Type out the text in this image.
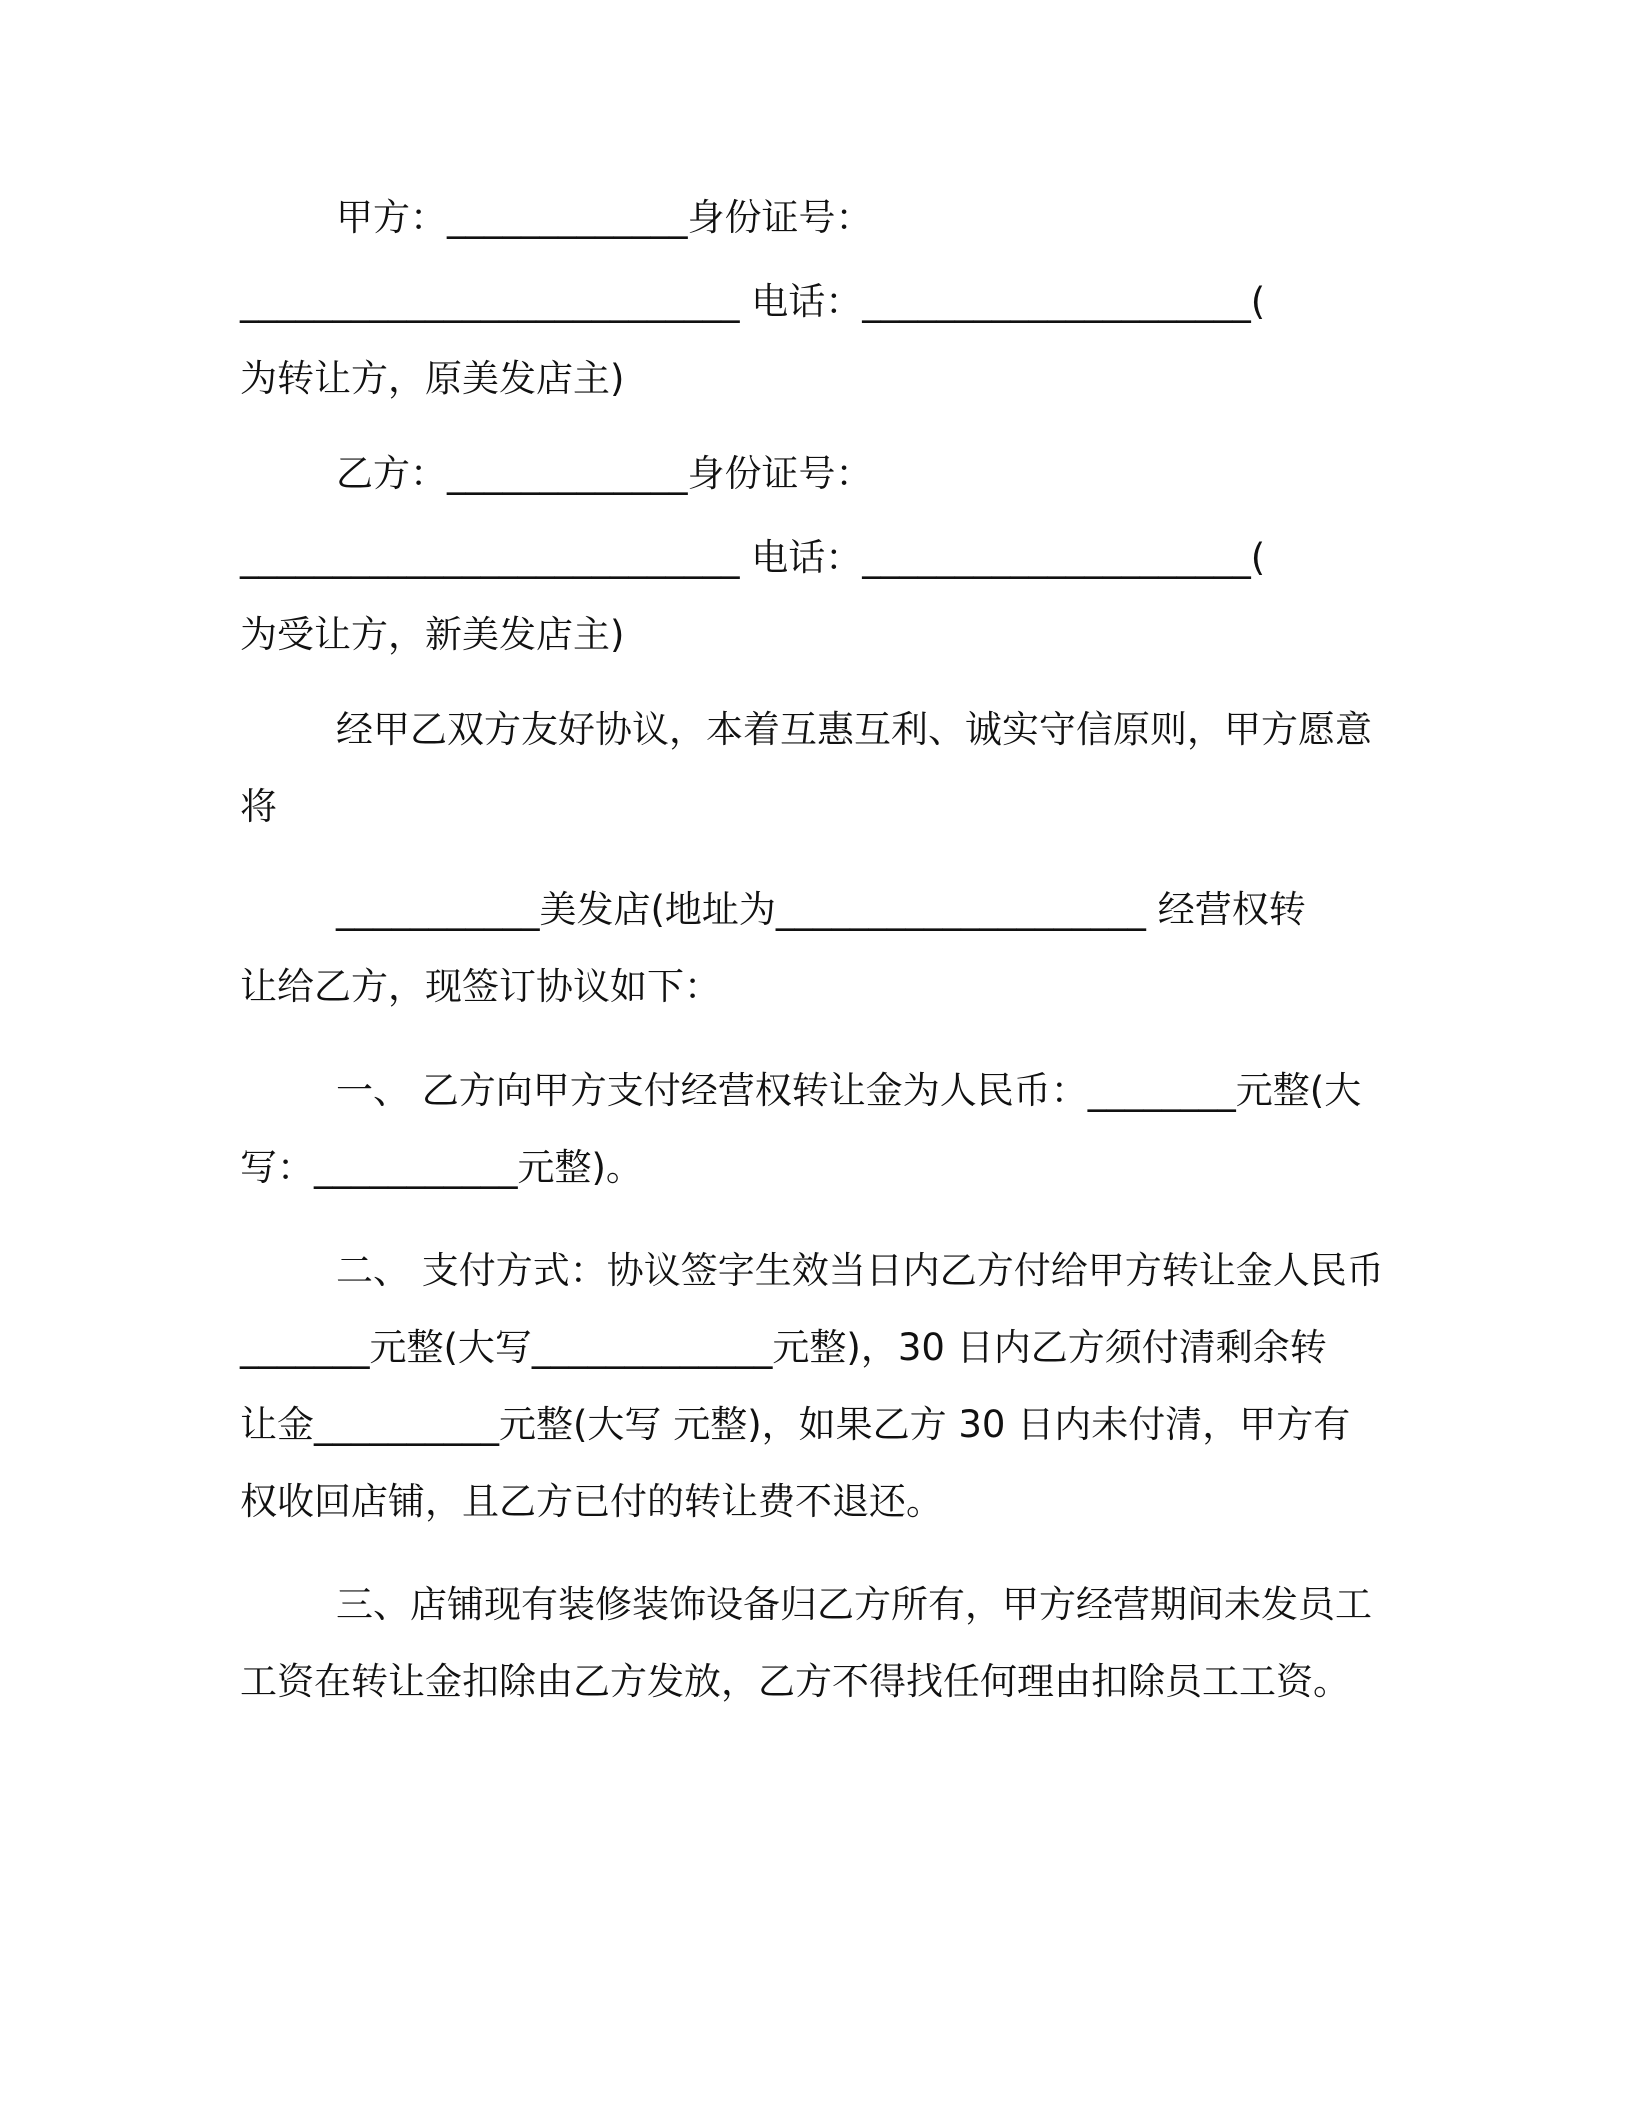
甲方：_____________身份证号：
___________________________ 电话：_____________________(
为转让方，原美发店主)
乙方：_____________身份证号：
___________________________ 电话：_____________________(
为受让方，新美发店主)
经甲乙双方友好协议，本着互惠互利、诚实守信原则，甲方愿意
将
___________美发店(地址为____________________ 经营权转
让给乙方，现签订协议如下：
一、 乙方向甲方支付经营权转让金为人民币：________元整(大
写：___________元整)。
二、 支付方式：协议签字生效当日内乙方付给甲方转让金人民币
_______元整(大写_____________元整)，30 日内乙方须付清剩余转
让金__________元整(大写 元整)，如果乙方 30 日内未付清，甲方有
权收回店铺，且乙方已付的转让费不退还。
三、店铺现有装修装饰设备归乙方所有，甲方经营期间未发员工
工资在转让金扣除由乙方发放，乙方不得找任何理由扣除员工工资。
